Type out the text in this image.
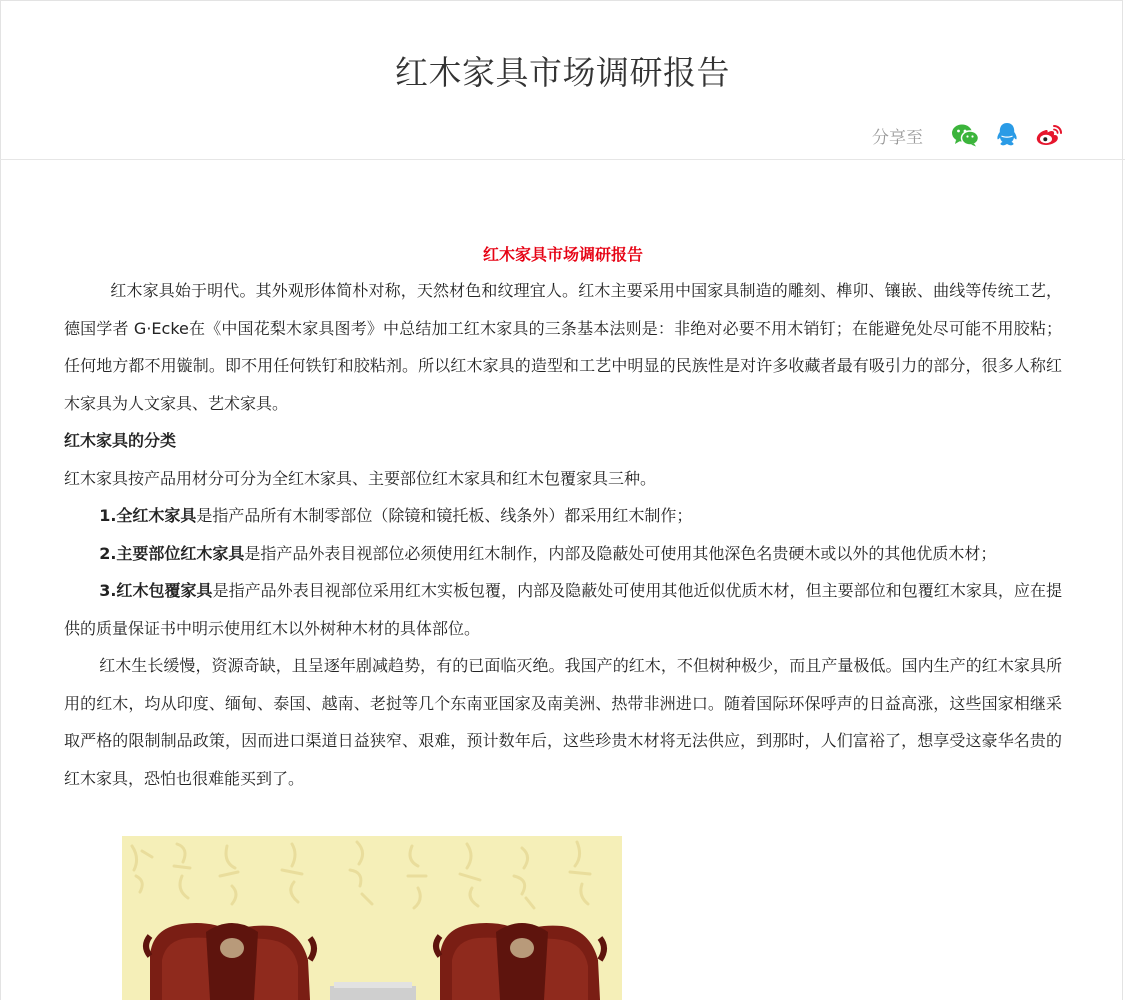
红木家具市场调研报告
分享至

红木家具市场调研报告

红木家具始于明代。其外观形体简朴对称，天然材色和纹理宜人。红木主要采用中国家具制造的雕刻、榫卯、镶嵌、曲线等传统工艺，德国学者 G·Ecke在《中国花梨木家具图考》中总结加工红木家具的三条基本法则是：非绝对必要不用木销钉；在能避免处尽可能不用胶粘；任何地方都不用镟制。即不用任何铁钉和胶粘剂。所以红木家具的造型和工艺中明显的民族性是对许多收藏者最有吸引力的部分，很多人称红木家具为人文家具、艺术家具。

红木家具的分类

红木家具按产品用材分可分为全红木家具、主要部位红木家具和红木包覆家具三种。

1.全红木家具是指产品所有木制零部位（除镜和镜托板、线条外）都采用红木制作；

2.主要部位红木家具是指产品外表目视部位必须使用红木制作，内部及隐蔽处可使用其他深色名贵硬木或以外的其他优质木材；

3.红木包覆家具是指产品外表目视部位采用红木实板包覆，内部及隐蔽处可使用其他近似优质木材，但主要部位和包覆红木家具，应在提供的质量保证书中明示使用红木以外树种木材的具体部位。

红木生长缓慢，资源奇缺，且呈逐年剧减趋势，有的已面临灭绝。我国产的红木，不但树种极少，而且产量极低。国内生产的红木家具所用的红木，均从印度、缅甸、泰国、越南、老挝等几个东南亚国家及南美洲、热带非洲进口。随着国际环保呼声的日益高涨，这些国家相继采取严格的限制制品政策，因而进口渠道日益狭窄、艰难，预计数年后，这些珍贵木材将无法供应，到那时，人们富裕了，想享受这豪华名贵的红木家具，恐怕也很难能买到了。
